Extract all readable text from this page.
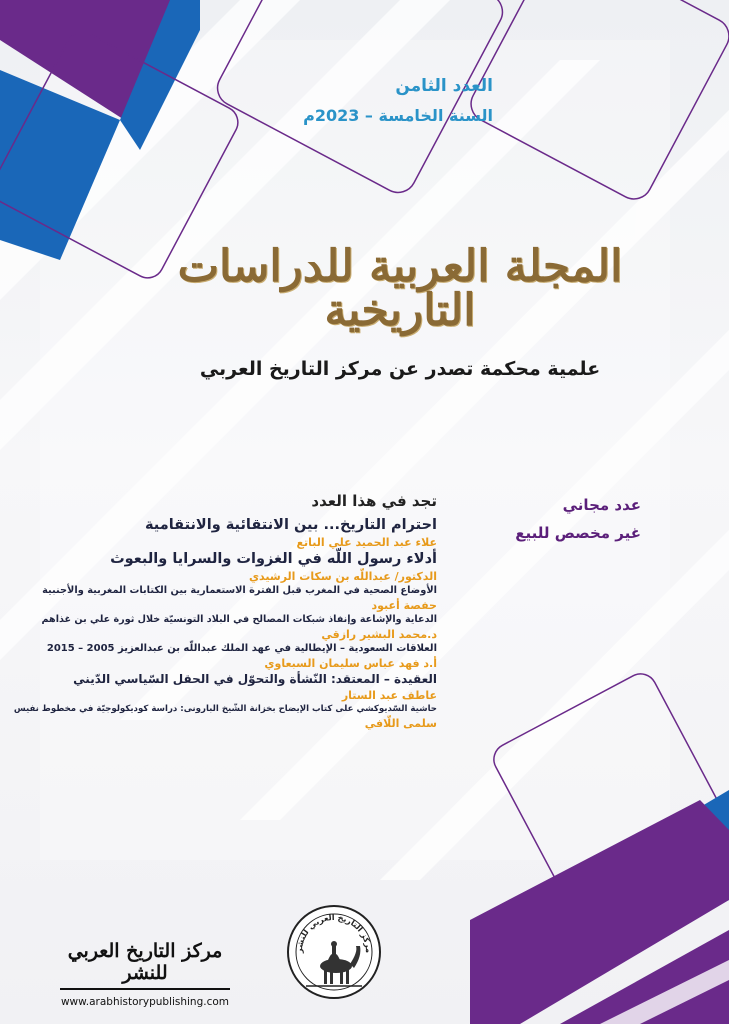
العدد الثامن
السنة الخامسة – 2023م
المجلة العربية للدراسات التاريخية
علمية محكمة تصدر عن مركز التاريخ العربي
عدد مجاني
غير مخصص للبيع
تجد في هذا العدد
احترام التاريخ... بين الانتقائية والانتقامية
علاء عبد الحميد علي الباتع
أدلاء رسول اللّه في الغزوات والسرايا والبعوث
الدكتور/ عبداللّه بن سكات الرشيدي
الأوضاع الصحية في المغرب قبل الفترة الاستعمارية بين الكتابات المغربية والأجنبية
حفصة أعبود
الدعاية والإشاعة وإنفاذ شبكات المصالح في البلاد التونسيّة خلال ثورة علي بن غذاهم
د.محمد البشير رازقي
العلاقات السعودية – الإيطالية في عهد الملك عبداللّه بن عبدالعزيز 2005 – 2015
أ.د فهد عباس سليمان السبعاوي
العقيدة – المعتقد: النّشأة والتحوّل في الحقل السّياسي الدّيني
عاطف عبد الستار
حاشية السّديوكشي على كتاب الإيضاح بخزانة الشّيخ البارونى: دراسة كوديكولوجيّة في مخطوط نفيس
سلمى اللّافي
مركز التاريخ العربي للنشر
مركز التاريخ العربي للنشر
www.arabhistorypublishing.com
